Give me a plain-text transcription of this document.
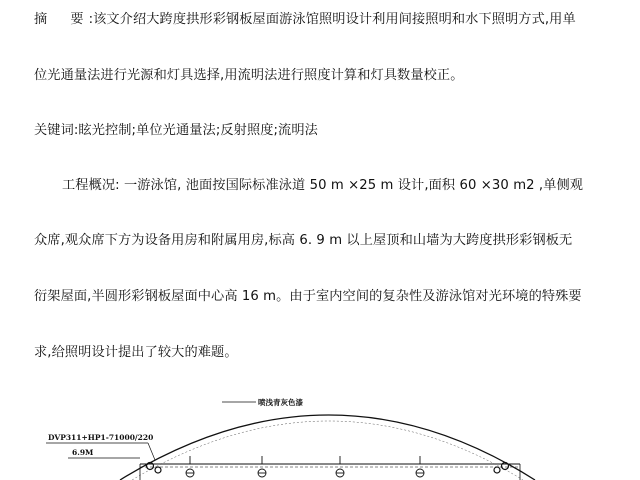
摘　要:该文介绍大跨度拱形彩钢板屋面游泳馆照明设计利用间接照明和水下照明方式,用单
位光通量法进行光源和灯具选择,用流明法进行照度计算和灯具数量校正。
关键词:眩光控制;单位光通量法;反射照度;流明法
工程概况: 一游泳馆, 池面按国际标准泳道 50 m ×25 m 设计,面积 60 ×30 m2 ,单侧观
众席,观众席下方为设备用房和附属用房,标高 6. 9 m 以上屋顶和山墙为大跨度拱形彩钢板无
衍架屋面,半圆形彩钢板屋面中心高 16 m。由于室内空间的复杂性及游泳馆对光环境的特殊要
求,给照明设计提出了较大的难题。
喷浅青灰色漆
DVP311+HP1-71000/220
6.9M
